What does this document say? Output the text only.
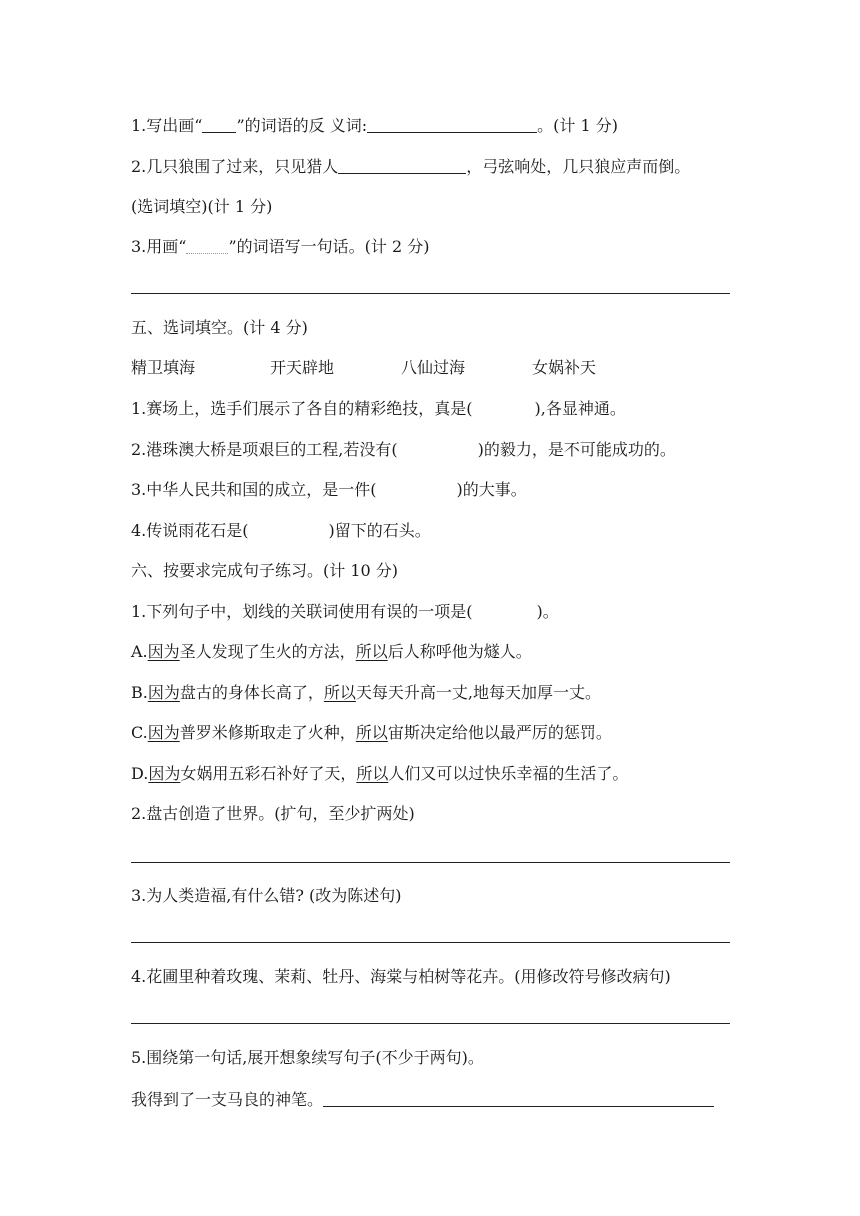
1.写出画“ ”的词语的反 义词:	。(计 1 分)
2.几只狼围了过来，只见猎人	，弓弦响处，几只狼应声而倒。
(选词填空)(计 1 分)
3.用画“	”的词语写一句话。(计 2 分)
五、选词填空。(计 4 分)
精卫填海	开天辟地	八仙过海	女娲补天
1.赛场上，选手们展示了各自的精彩绝技，真是(	),各显神通。
2.港珠澳大桥是项艰巨的工程,若没有(	)的毅力，是不可能成功的。
3.中华人民共和国的成立，是一件(	)的大事。
4.传说雨花石是(	)留下的石头。
六、按要求完成句子练习。(计 10 分)
1.下列句子中，划线的关联词使用有误的一项是(	)。
A.因为圣人发现了生火的方法，所以后人称呼他为燧人。
B.因为盘古的身体长高了，所以天每天升高一丈,地每天加厚一丈。
C.因为普罗米修斯取走了火种，所以宙斯决定给他以最严厉的惩罚。
D.因为女娲用五彩石补好了天，所以人们又可以过快乐幸福的生活了。
2.盘古创造了世界。(扩句，至少扩两处)
3.为人类造福,有什么错? (改为陈述句)
4.花圃里种着玫瑰、茉莉、牡丹、海棠与柏树等花卉。(用修改符号修改病句)
5.围绕第一句话,展开想象续写句子(不少于两句)。
我得到了一支马良的神笔。
